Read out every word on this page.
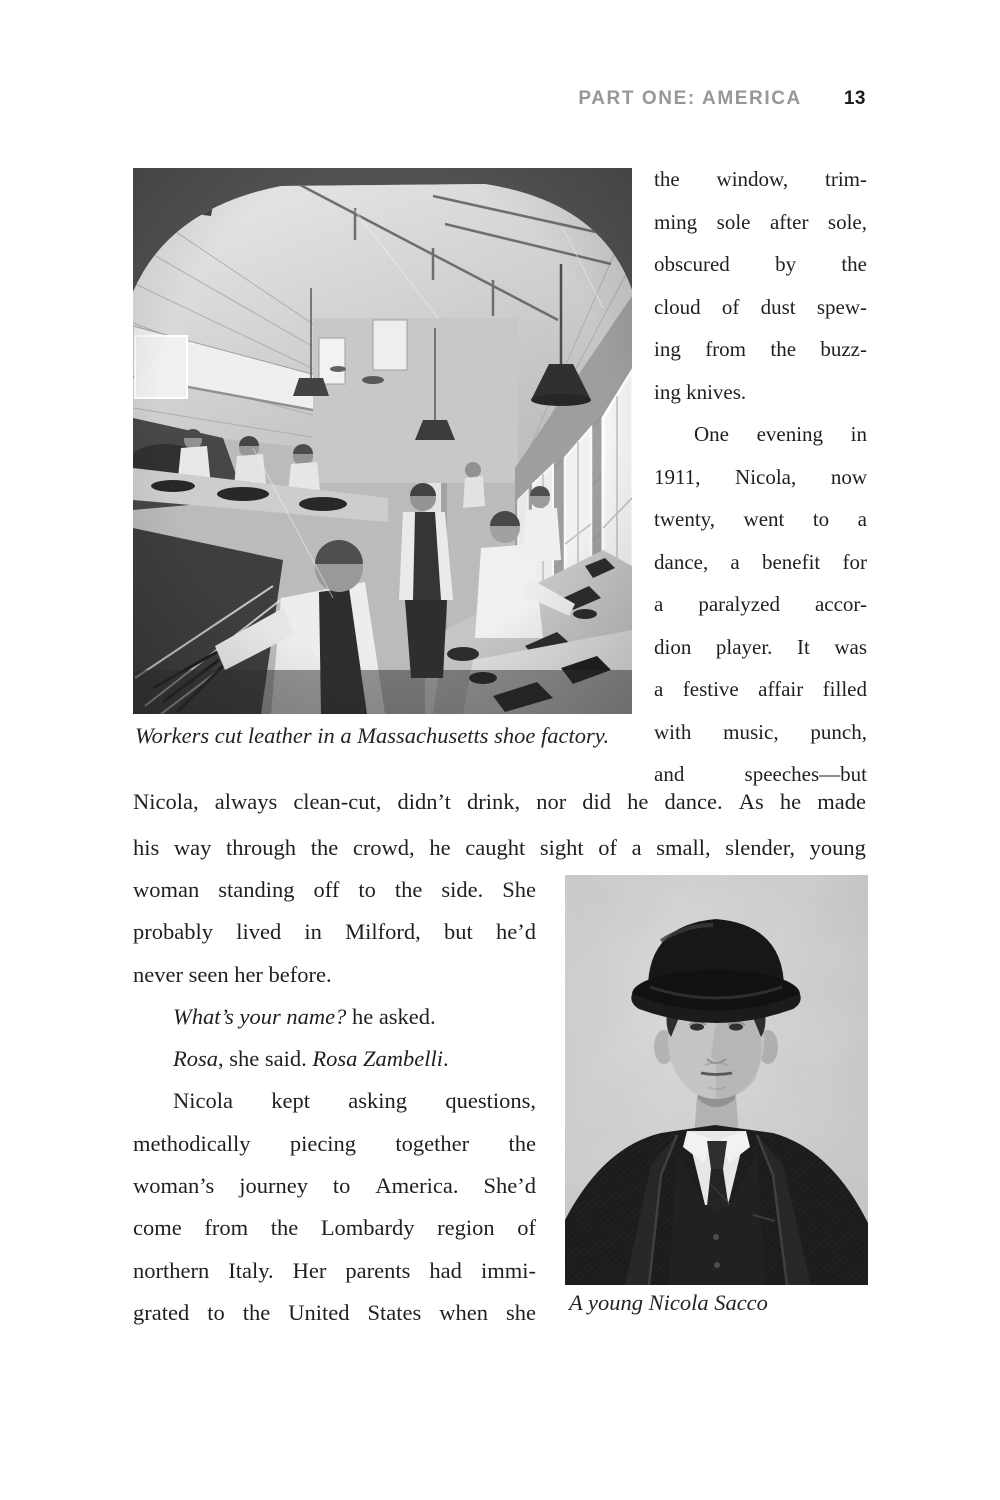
PART ONE: AMERICA 13
Workers cut leather in a Massachusetts shoe factory.
the window, trim-
ming sole after sole,
obscured by the
cloud of dust spew-
ing from the buzz-
ing knives.
One evening in
1911, Nicola, now
twenty, went to a
dance, a benefit for
a paralyzed accor-
dion player. It was
a festive affair filled
with music, punch,
and	speeches—but
Nicola, always clean-cut, didn’t drink, nor did he dance. As he made
his way through the crowd, he caught sight of a small, slender, young
woman standing off to the side. She
probably lived in Milford, but he’d
never seen her before.
What’s your name? he asked.
Rosa, she said. Rosa Zambelli.
Nicola kept asking questions,
methodically piecing together the
woman’s journey to America. She’d
come from the Lombardy region of
northern Italy. Her parents had immi-
grated to the United States when she A young Nicola Sacco
